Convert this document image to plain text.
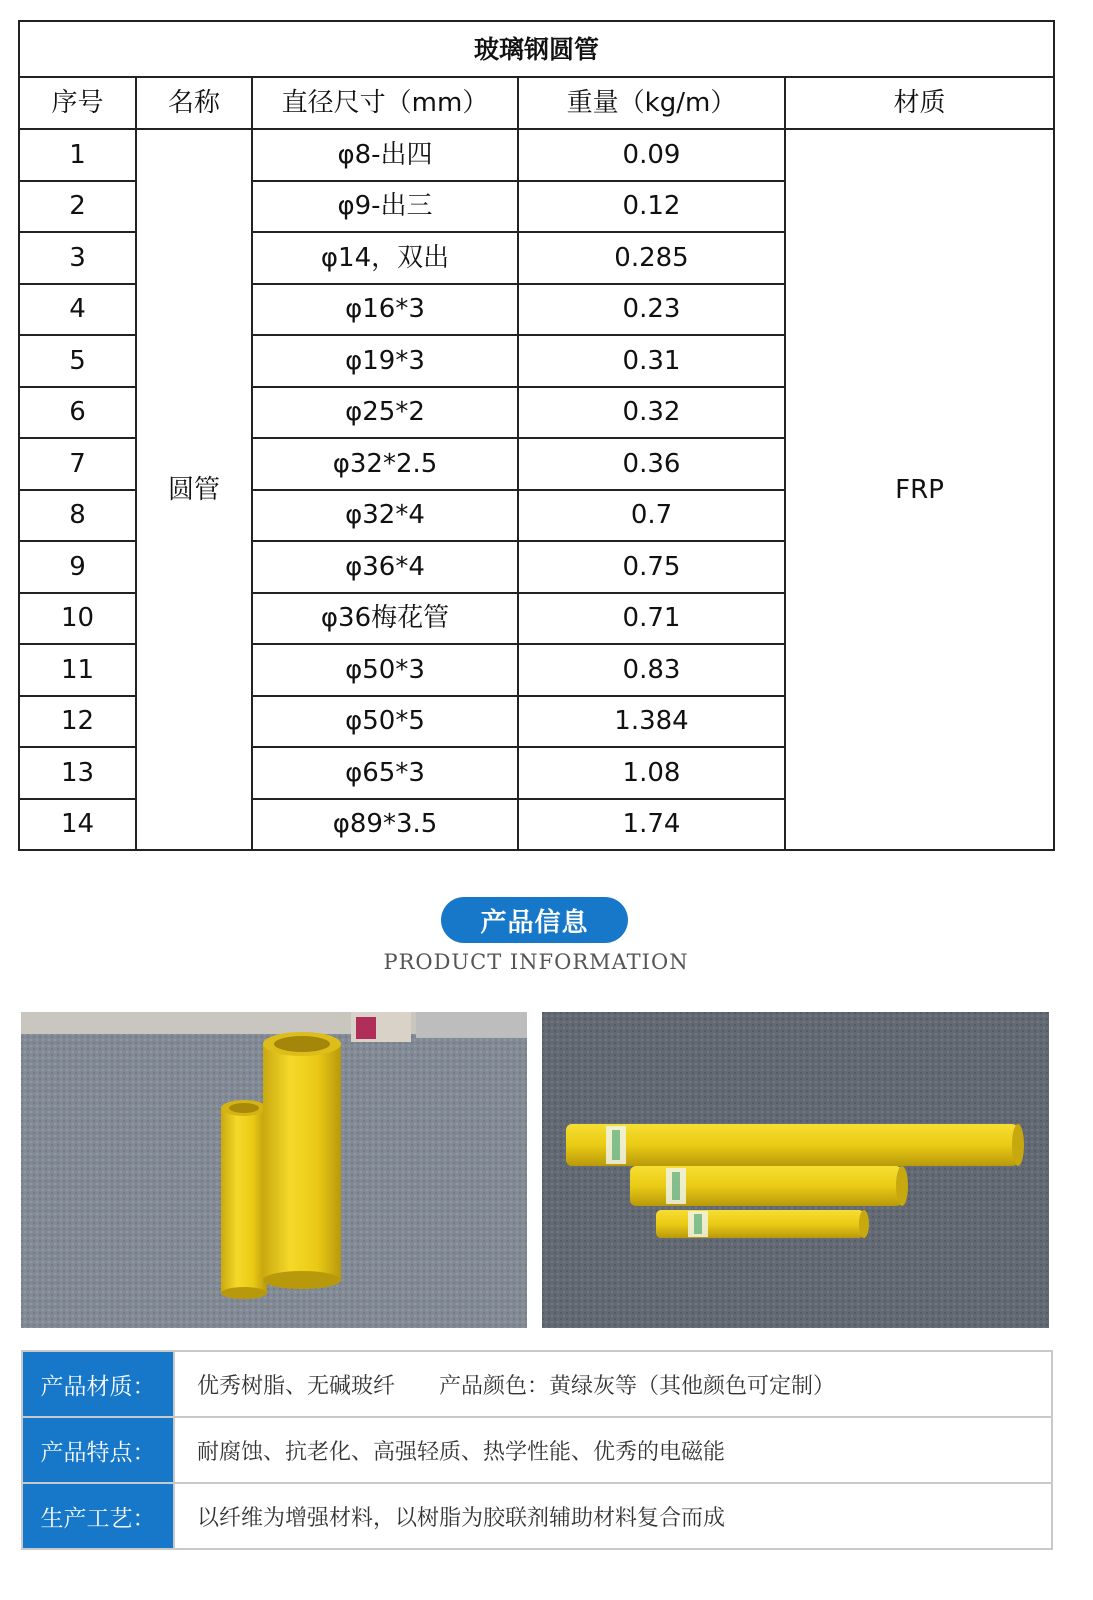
玻璃钢圆管				
序号	名称	直径尺寸（mm）	重量（kg/m）	材质
1	圆管	φ8-出四	0.09	FRP
2		φ9-出三	0.12	
3		φ14，双出	0.285	
4		φ16*3	0.23	
5		φ19*3	0.31	
6		φ25*2	0.32	
7		φ32*2.5	0.36	
8		φ32*4	0.7	
9		φ36*4	0.75	
10		φ36梅花管	0.71	
11		φ50*3	0.83	
12		φ50*5	1.384	
13		φ65*3	1.08	
14		φ89*3.5	1.74	
产品信息
PRODUCT INFORMATION
产品材质：	优秀树脂、无碱玻纤 产品颜色：黄绿灰等（其他颜色可定制）
产品特点：	耐腐蚀、抗老化、高强轻质、热学性能、优秀的电磁能
生产工艺：	以纤维为增强材料，以树脂为胶联剂辅助材料复合而成
